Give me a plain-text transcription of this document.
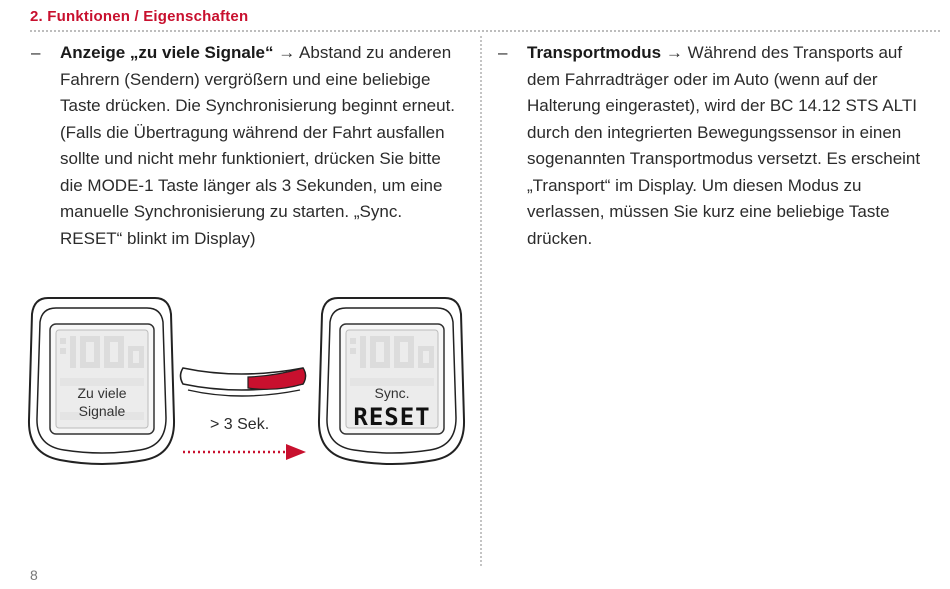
2. Funktionen / Eigenschaften
– Anzeige „zu viele Signale“ → Abstand zu anderen Fahrern (Sendern) vergrößern und eine beliebige Taste drücken. Die Synchronisierung beginnt erneut.(Falls die Übertragung während der Fahrt ausfallen sollte und nicht mehr funktioniert, drücken Sie bitte die MODE-1 Taste länger als 3 Sekunden, um eine manuelle Synchronisierung zu starten. „Sync. RESET“ blinkt im Display)
– Transportmodus → Während des Transports auf dem Fahrradträger oder im Auto (wenn auf der Halterung eingerastet), wird der BC 14.12 STS ALTI durch den integrierten Bewegungssensor in einen sogenannten Transportmodus versetzt. Es erscheint „Transport“ im Display. Um diesen Modus zu verlassen, müssen Sie kurz eine beliebige Taste drücken.
Zu viele
Signale
> 3 Sek.
Sync.
RESET
8
